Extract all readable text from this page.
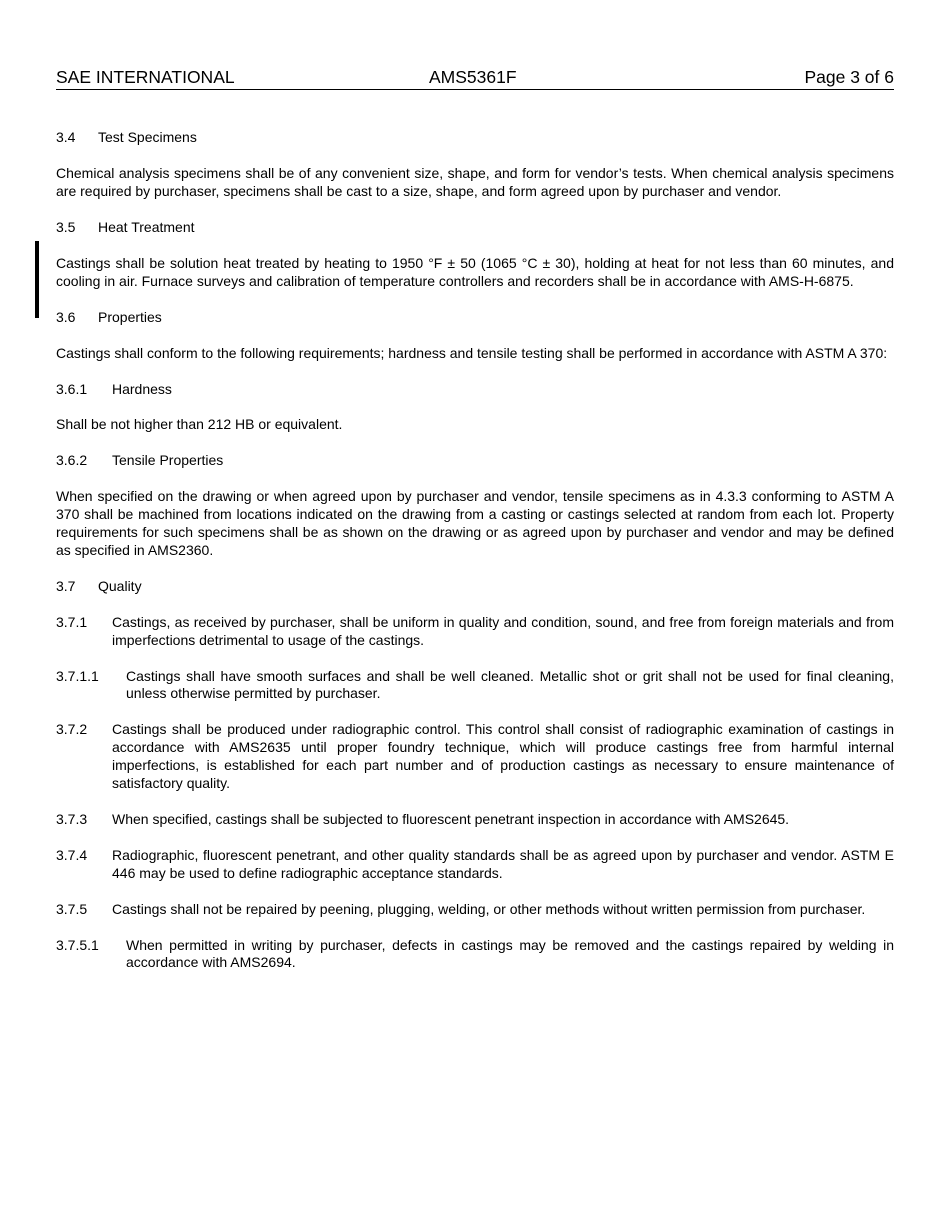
SAE INTERNATIONAL	AMS5361F	Page 3 of 6
3.4	Test Specimens

Chemical analysis specimens shall be of any convenient size, shape, and form for vendor’s tests. When chemical analysis specimens are required by purchaser, specimens shall be cast to a size, shape, and form agreed upon by purchaser and vendor.

3.5	Heat Treatment

Castings shall be solution heat treated by heating to 1950 °F ± 50 (1065 °C ± 30), holding at heat for not less than 60 minutes, and cooling in air. Furnace surveys and calibration of temperature controllers and recorders shall be in accordance with AMS-H-6875.

3.6	Properties

Castings shall conform to the following requirements; hardness and tensile testing shall be performed in accordance with ASTM A 370:

3.6.1	Hardness

Shall be not higher than 212 HB or equivalent.

3.6.2	Tensile Properties

When specified on the drawing or when agreed upon by purchaser and vendor, tensile specimens as in 4.3.3 conforming to ASTM A 370 shall be machined from locations indicated on the drawing from a casting or castings selected at random from each lot. Property requirements for such specimens shall be as shown on the drawing or as agreed upon by purchaser and vendor and may be defined as specified in AMS2360.

3.7	Quality
3.7.1	Castings, as received by purchaser, shall be uniform in quality and condition, sound, and free from foreign materials and from imperfections detrimental to usage of the castings.
3.7.1.1	Castings shall have smooth surfaces and shall be well cleaned. Metallic shot or grit shall not be used for final cleaning, unless otherwise permitted by purchaser.
3.7.2	Castings shall be produced under radiographic control. This control shall consist of radiographic examination of castings in accordance with AMS2635 until proper foundry technique, which will produce castings free from harmful internal imperfections, is established for each part number and of production castings as necessary to ensure maintenance of satisfactory quality.
3.7.3	When specified, castings shall be subjected to fluorescent penetrant inspection in accordance with AMS2645.
3.7.4	Radiographic, fluorescent penetrant, and other quality standards shall be as agreed upon by purchaser and vendor. ASTM E 446 may be used to define radiographic acceptance standards.
3.7.5	Castings shall not be repaired by peening, plugging, welding, or other methods without written permission from purchaser.
3.7.5.1	When permitted in writing by purchaser, defects in castings may be removed and the castings repaired by welding in accordance with AMS2694.
